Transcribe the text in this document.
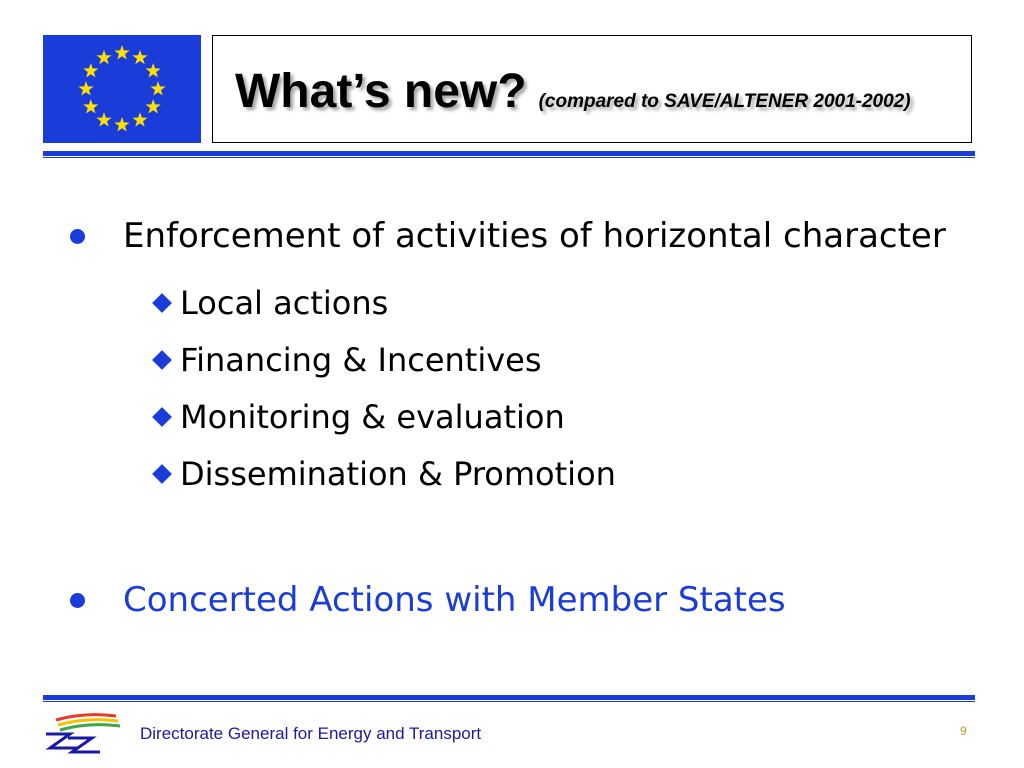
What’s new? (compared to SAVE/ALTENER 2001-2002)
Enforcement of activities of horizontal character
Local actions
Financing & Incentives
Monitoring & evaluation
Dissemination & Promotion
Concerted Actions with Member States
Directorate General for Energy and Transport	9
